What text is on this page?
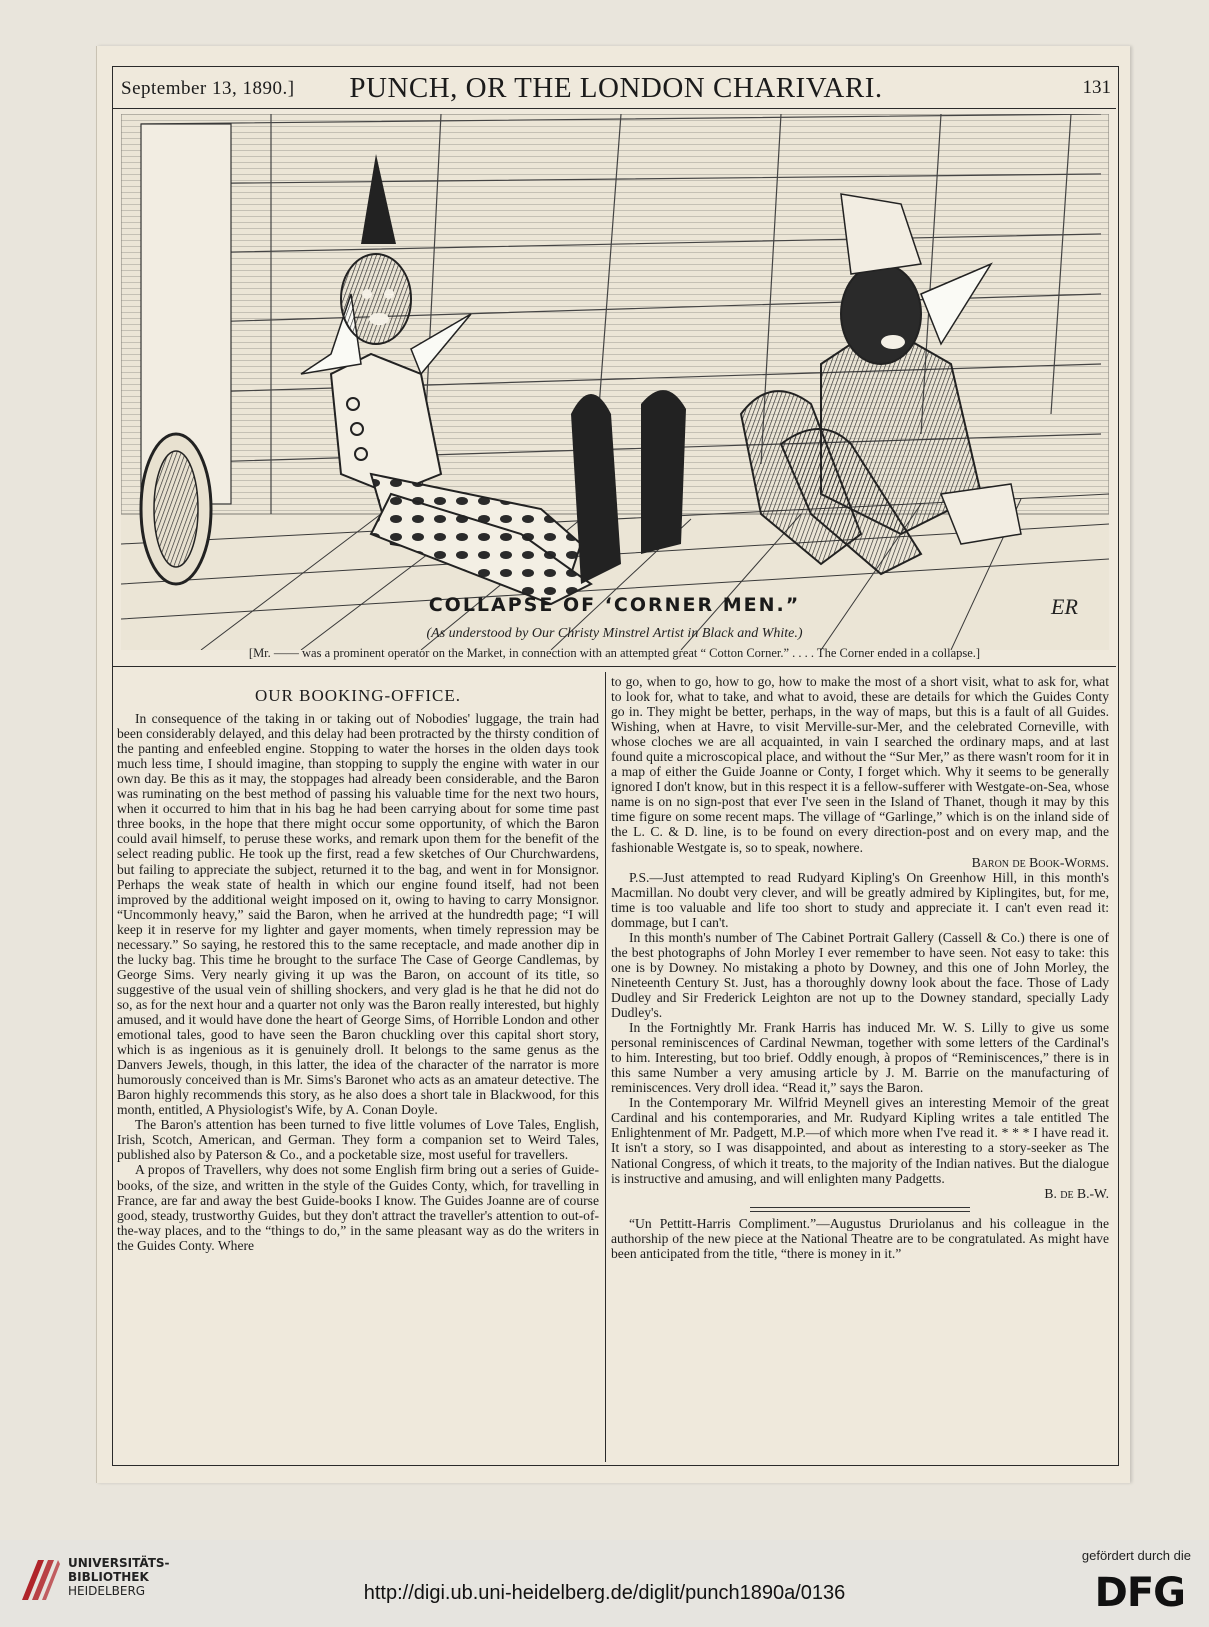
September 13, 1890.]	PUNCH, OR THE LONDON CHARIVARI.	131
ER
COLLAPSE OF ‘CORNER MEN.”
(As understood by Our Christy Minstrel Artist in Black and White.)
[Mr. —— was a prominent operator on the Market, in connection with an attempted great “ Cotton Corner.” . . . . The Corner ended in a collapse.]

OUR BOOKING-OFFICE.

In consequence of the taking in or taking out of Nobodies' luggage, the train had been considerably delayed, and this delay had been protracted by the thirsty condition of the panting and enfeebled engine. Stopping to water the horses in the olden days took much less time, I should imagine, than stopping to supply the engine with water in our own day. Be this as it may, the stoppages had already been considerable, and the Baron was ruminating on the best method of passing his valuable time for the next two hours, when it occurred to him that in his bag he had been carrying about for some time past three books, in the hope that there might occur some opportunity, of which the Baron could avail himself, to peruse these works, and remark upon them for the benefit of the select reading public. He took up the first, read a few sketches of Our Churchwardens, but failing to appreciate the subject, returned it to the bag, and went in for Monsignor. Perhaps the weak state of health in which our engine found itself, had not been improved by the additional weight imposed on it, owing to having to carry Monsignor. “Uncommonly heavy,” said the Baron, when he arrived at the hundredth page; “I will keep it in reserve for my lighter and gayer moments, when timely repression may be necessary.” So saying, he restored this to the same receptacle, and made another dip in the lucky bag. This time he brought to the surface The Case of George Candlemas, by George Sims. Very nearly giving it up was the Baron, on account of its title, so suggestive of the usual vein of shilling shockers, and very glad is he that he did not do so, as for the next hour and a quarter not only was the Baron really interested, but highly amused, and it would have done the heart of George Sims, of Horrible London and other emotional tales, good to have seen the Baron chuckling over this capital short story, which is as ingenious as it is genuinely droll. It belongs to the same genus as the Danvers Jewels, though, in this latter, the idea of the character of the narrator is more humorously conceived than is Mr. Sims's Baronet who acts as an amateur detective. The Baron highly recommends this story, as he also does a short tale in Blackwood, for this month, entitled, A Physiologist's Wife, by A. Conan Doyle.

The Baron's attention has been turned to five little volumes of Love Tales, English, Irish, Scotch, American, and German. They form a companion set to Weird Tales, published also by Paterson & Co., and a pocketable size, most useful for travellers.

A propos of Travellers, why does not some English firm bring out a series of Guide-books, of the size, and written in the style of the Guides Conty, which, for travelling in France, are far and away the best Guide-books I know. The Guides Joanne are of course good, steady, trustworthy Guides, but they don't attract the traveller's attention to out-of-the-way places, and to the “things to do,” in the same pleasant way as do the writers in the Guides Conty. Where

to go, when to go, how to go, how to make the most of a short visit, what to ask for, what to look for, what to take, and what to avoid, these are details for which the Guides Conty go in. They might be better, perhaps, in the way of maps, but this is a fault of all Guides. Wishing, when at Havre, to visit Merville-sur-Mer, and the celebrated Corneville, with whose cloches we are all acquainted, in vain I searched the ordinary maps, and at last found quite a microscopical place, and without the “Sur Mer,” as there wasn't room for it in a map of either the Guide Joanne or Conty, I forget which. Why it seems to be generally ignored I don't know, but in this respect it is a fellow-sufferer with Westgate-on-Sea, whose name is on no sign-post that ever I've seen in the Island of Thanet, though it may by this time figure on some recent maps. The village of “Garlinge,” which is on the inland side of the L. C. & D. line, is to be found on every direction-post and on every map, and the fashionable Westgate is, so to speak, nowhere.

Baron de Book-Worms.

P.S.—Just attempted to read Rudyard Kipling's On Greenhow Hill, in this month's Macmillan. No doubt very clever, and will be greatly admired by Kiplingites, but, for me, time is too valuable and life too short to study and appreciate it. I can't even read it: dommage, but I can't.

In this month's number of The Cabinet Portrait Gallery (Cassell & Co.) there is one of the best photographs of John Morley I ever remember to have seen. Not easy to take: this one is by Downey. No mistaking a photo by Downey, and this one of John Morley, the Nineteenth Century St. Just, has a thoroughly downy look about the face. Those of Lady Dudley and Sir Frederick Leighton are not up to the Downey standard, specially Lady Dudley's.

In the Fortnightly Mr. Frank Harris has induced Mr. W. S. Lilly to give us some personal reminiscences of Cardinal Newman, together with some letters of the Cardinal's to him. Interesting, but too brief. Oddly enough, à propos of “Reminiscences,” there is in this same Number a very amusing article by J. M. Barrie on the manufacturing of reminiscences. Very droll idea. “Read it,” says the Baron.

In the Contemporary Mr. Wilfrid Meynell gives an interesting Memoir of the great Cardinal and his contemporaries, and Mr. Rudyard Kipling writes a tale entitled The Enlightenment of Mr. Padgett, M.P.—of which more when I've read it. * * * I have read it. It isn't a story, so I was disappointed, and about as interesting to a story-seeker as The National Congress, of which it treats, to the majority of the Indian natives. But the dialogue is instructive and amusing, and will enlighten many Padgetts.

B. de B.-W.

“Un Pettitt-Harris Compliment.”—Augustus Druriolanus and his colleague in the authorship of the new piece at the National Theatre are to be congratulated. As might have been anticipated from the title, “there is money in it.”

UNIVERSITÄTS-
BIBLIOTHEK
HEIDELBERG	http://digi.ub.uni-heidelberg.de/diglit/punch1890a/0136
gefördert durch die
DFG
